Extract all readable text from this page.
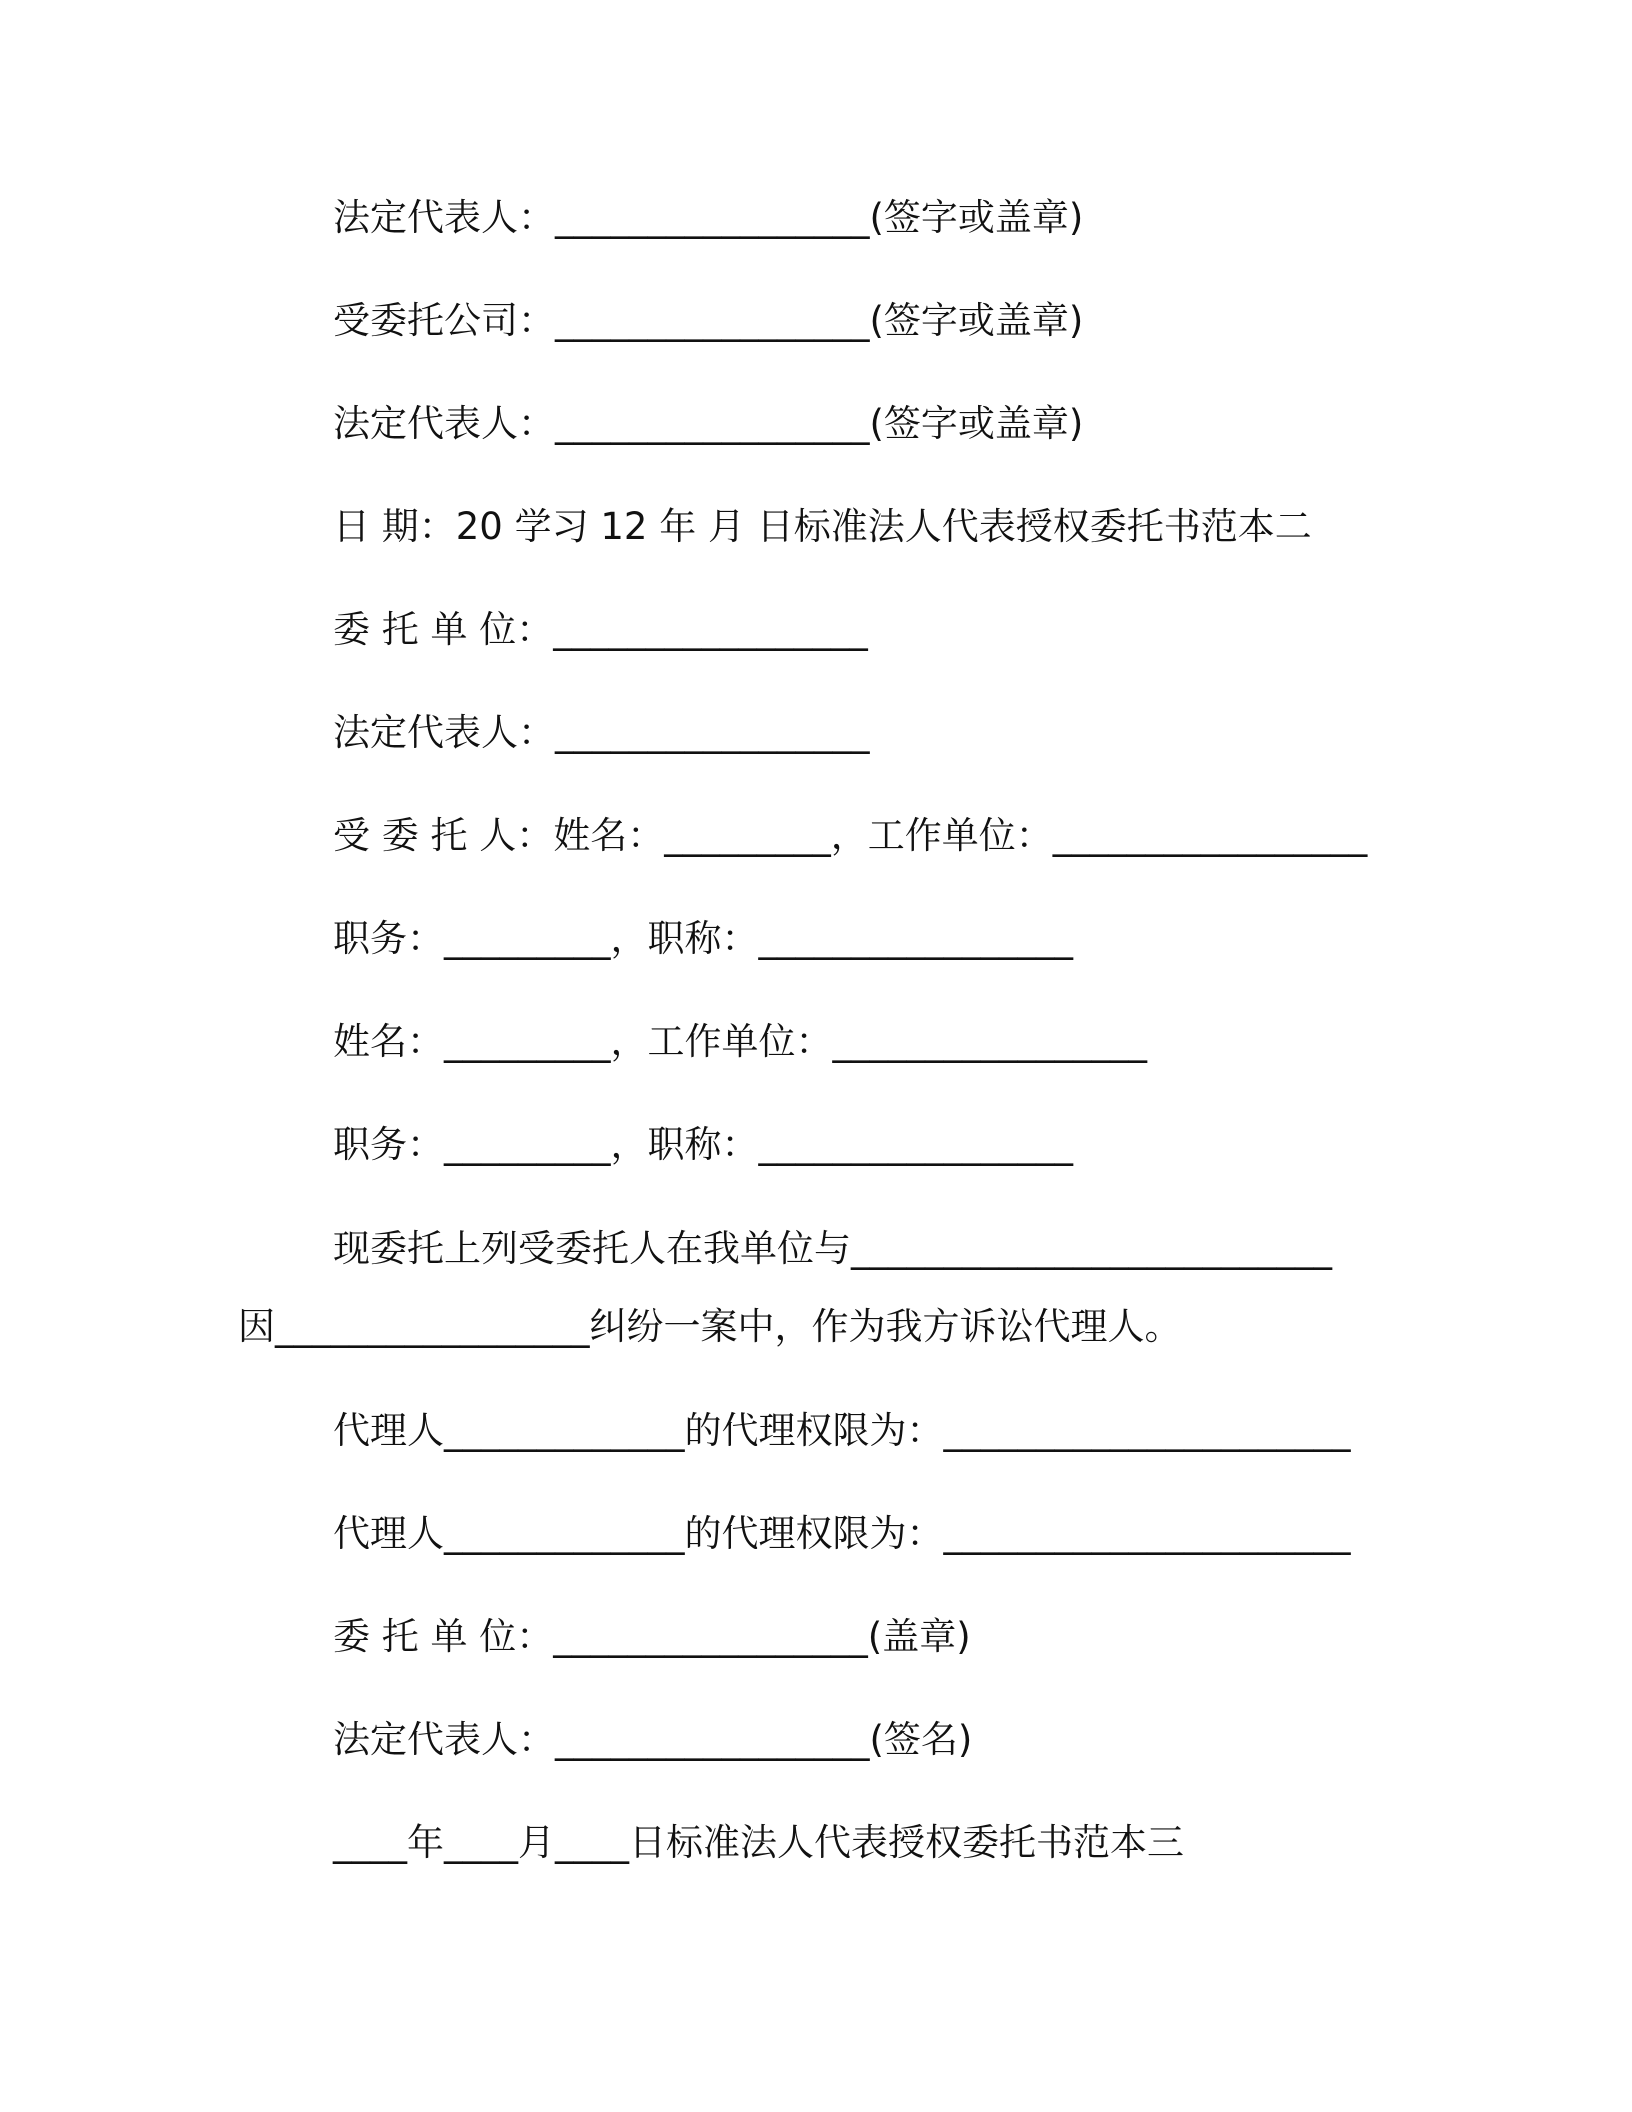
法定代表人：_________________(签字或盖章)

受委托公司：_________________(签字或盖章)

法定代表人：_________________(签字或盖章)

日 期：20 学习 12 年 月 日标准法人代表授权委托书范本二

委 托 单 位：_________________

法定代表人：_________________

受 委 托 人：姓名：_________，工作单位：_________________

职务：_________，职称：_________________

姓名：_________，工作单位：_________________

职务：_________，职称：_________________

现委托上列受委托人在我单位与__________________________

因_________________纠纷一案中，作为我方诉讼代理人。

代理人_____________的代理权限为：______________________

代理人_____________的代理权限为：______________________

委 托 单 位：_________________(盖章)

法定代表人：_________________(签名)

____年____月____日标准法人代表授权委托书范本三
